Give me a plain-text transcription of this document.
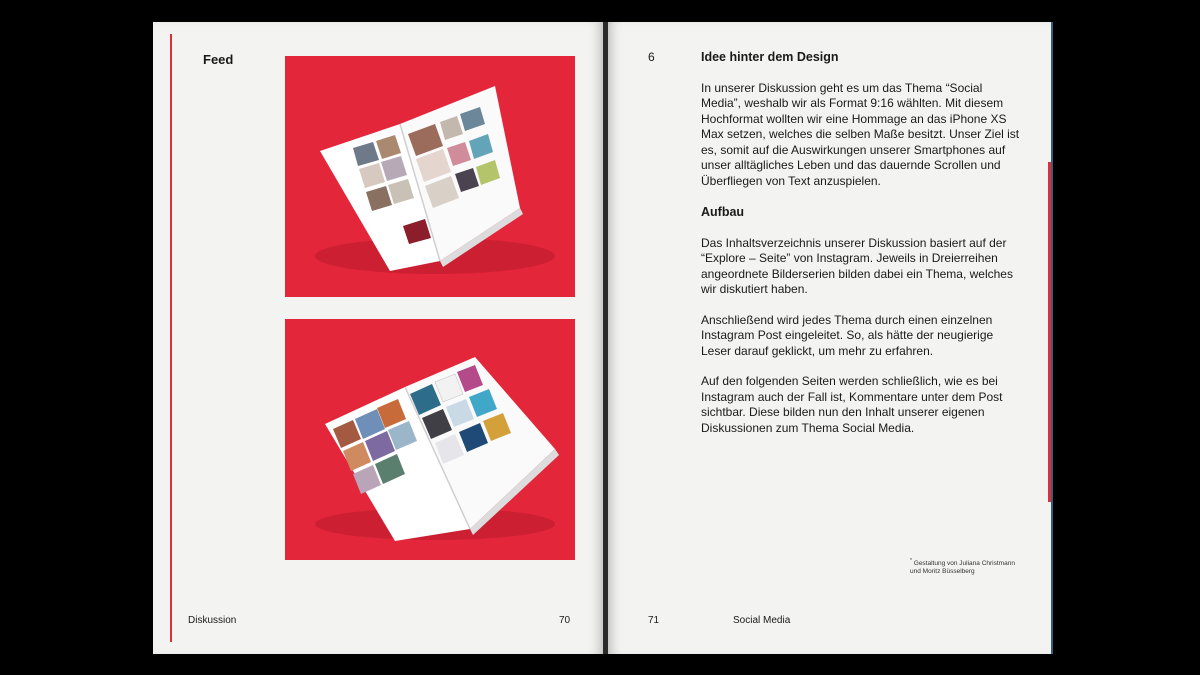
Feed
Diskussion	70
6	Idee hinter dem Design

In unserer Diskussion geht es um das Thema “Social Media”, weshalb wir als Format 9:16 wählten. Mit diesem Hochformat wollten wir eine Hommage an das iPhone XS Max setzen, welches die selben Maße besitzt. Unser Ziel ist es, somit auf die Auswirkungen unserer Smartphones auf unser alltägliches Leben und das dauernde Scrollen und Überfliegen von Text anzuspielen.

Aufbau

Das Inhaltsverzeichnis unserer Diskussion basiert auf der “Explore – Seite” von Instagram. Jeweils in Dreierreihen angeordnete Bilderserien bilden dabei ein Thema, welches wir diskutiert haben.

Anschließend wird jedes Thema durch einen einzelnen Instagram Post eingeleitet. So, als hätte der neugierige Leser darauf geklickt, um mehr zu erfahren.

Auf den folgenden Seiten werden schließlich, wie es bei Instagram auch der Fall ist, Kommentare unter dem Post sichtbar. Diese bilden nun den Inhalt unserer eigenen Diskussionen zum Thema Social Media.

* Gestaltung von Juliana Christmann
und Moritz Büsselberg
71	Social Media
